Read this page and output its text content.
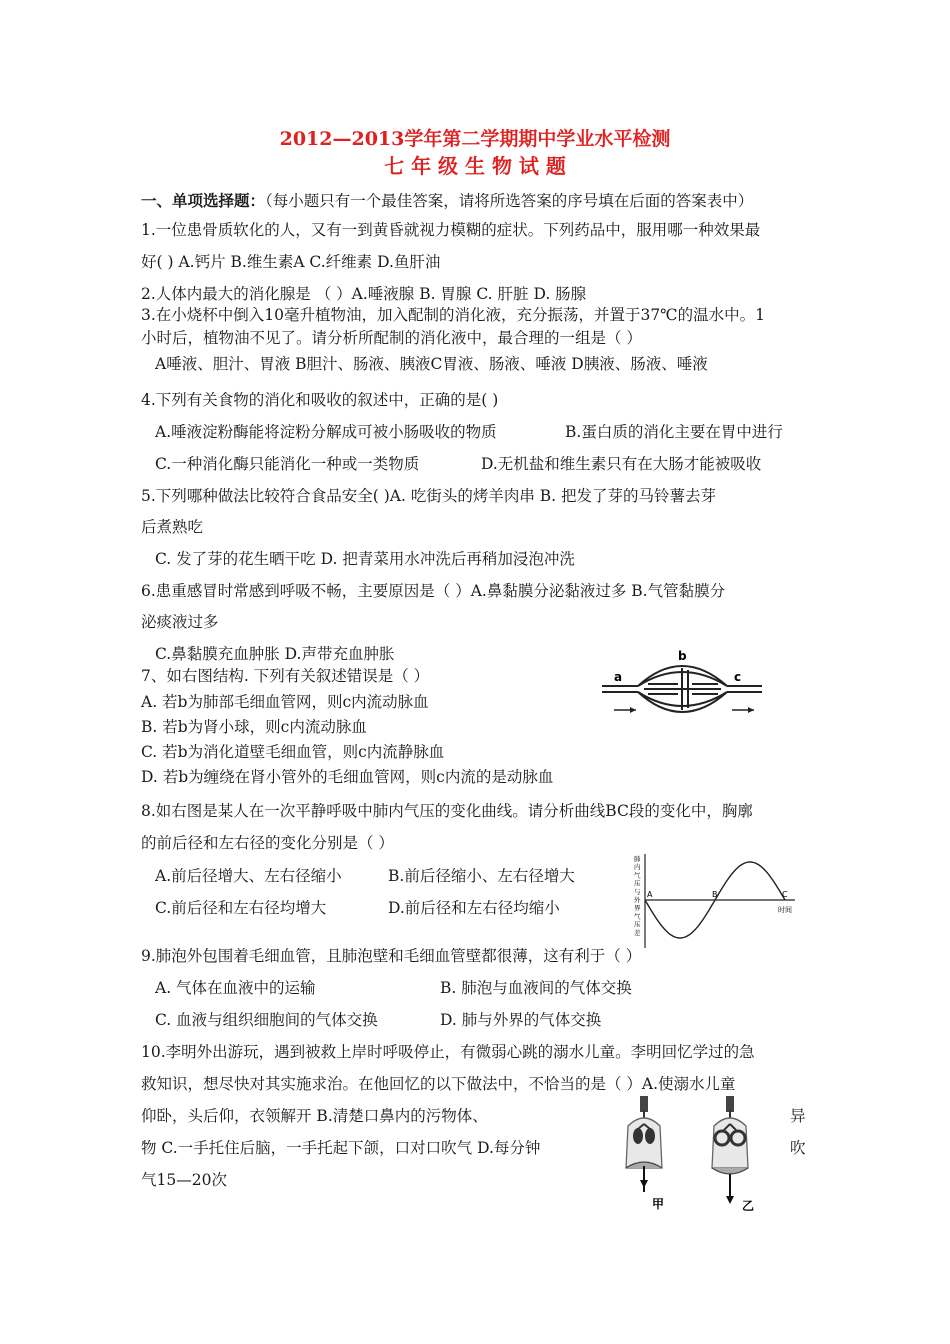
2012—2013学年第二学期期中学业水平检测
七 年 级 生 物 试 题
一、单项选择题：（每小题只有一个最佳答案，请将所选答案的序号填在后面的答案表中）
1.一位患骨质软化的人，又有一到黄昏就视力模糊的症状。下列药品中，服用哪一种效果最
好( ) A.钙片 B.维生素A C.纤维素 D.鱼肝油
2.人体内最大的消化腺是 （ ）A.唾液腺 B. 胃腺 C. 肝脏 D. 肠腺
3.在小烧杯中倒入10毫升植物油，加入配制的消化液，充分振荡，并置于37℃的温水中。1
小时后，植物油不见了。请分析所配制的消化液中，最合理的一组是（ ）
A唾液、胆汁、胃液 B胆汁、肠液、胰液C胃液、肠液、唾液 D胰液、肠液、唾液
4.下列有关食物的消化和吸收的叙述中，正确的是( )
A.唾液淀粉酶能将淀粉分解成可被小肠吸收的物质	B.蛋白质的消化主要在胃中进行
C.一种消化酶只能消化一种或一类物质	D.无机盐和维生素只有在大肠才能被吸收
5.下列哪种做法比较符合食品安全( )A. 吃街头的烤羊肉串 B. 把发了芽的马铃薯去芽
后煮熟吃
C. 发了芽的花生晒干吃 D. 把青菜用水冲洗后再稍加浸泡冲洗
6.患重感冒时常感到呼吸不畅，主要原因是（ ）A.鼻黏膜分泌黏液过多 B.气管黏膜分
泌痰液过多
C.鼻黏膜充血肿胀 D.声带充血肿胀
7、如右图结构. 下列有关叙述错误是（ ）
A. 若b为肺部毛细血管网，则c内流动脉血
B. 若b为肾小球，则c内流动脉血
C. 若b为消化道壁毛细血管，则c内流静脉血
D. 若b为缠绕在肾小管外的毛细血管网，则c内流的是动脉血
a
b
c
8.如右图是某人在一次平静呼吸中肺内气压的变化曲线。请分析曲线BC段的变化中，胸廓
的前后径和左右径的变化分别是（ ）
A.前后径增大、左右径缩小	B.前后径缩小、左右径增大
C.前后径和左右径均增大	D.前后径和左右径均缩小
A	B	C
时间
肺内气压与外界气压差
9.肺泡外包围着毛细血管，且肺泡壁和毛细血管壁都很薄，这有利于（ ）
A. 气体在血液中的运输	B. 肺泡与血液间的气体交换
C. 血液与组织细胞间的气体交换	D. 肺与外界的气体交换
10.李明外出游玩，遇到被救上岸时呼吸停止，有微弱心跳的溺水儿童。李明回忆学过的急
救知识，想尽快对其实施求治。在他回忆的以下做法中，不恰当的是（ ）A.使溺水儿童
仰卧，头后仰，衣领解开 B.清楚口鼻内的污物体、	异
物 C.一手托住后脑，一手托起下颌，口对口吹气 D.每分钟	吹
气15—20次
甲	乙
